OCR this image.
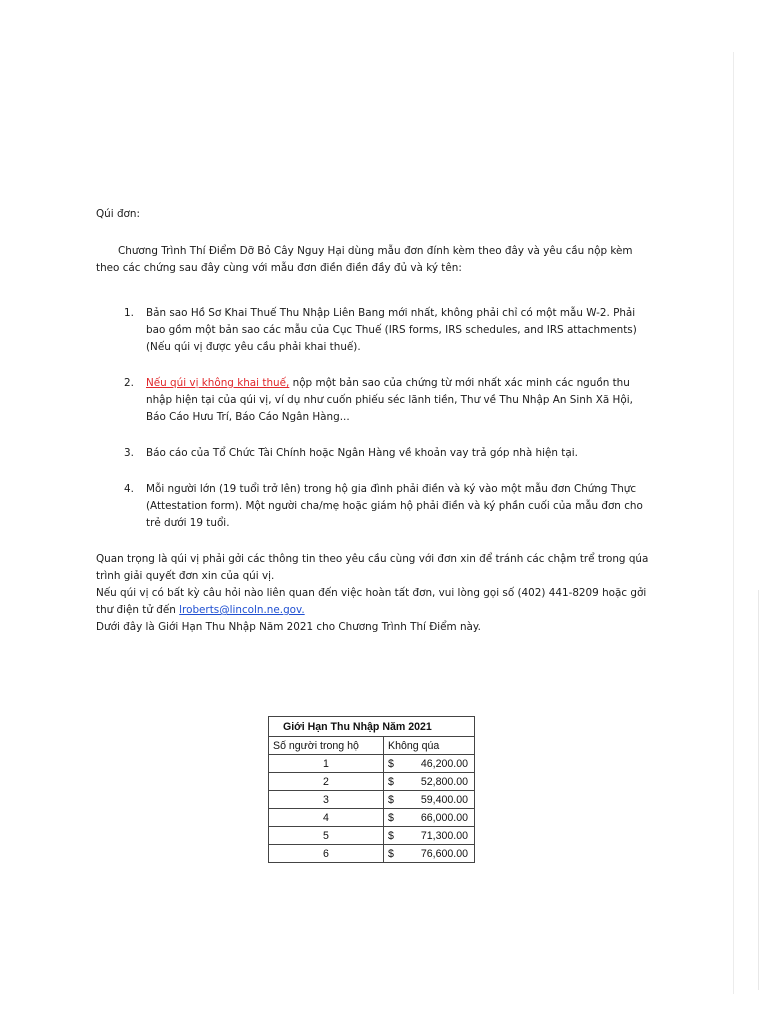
Qúi đơn:

Chương Trình Thí Điểm Dỡ Bỏ Cây Nguy Hại dùng mẫu đơn đính kèm theo đây và yêu cầu nộp kèm theo các chứng sau đây cùng với mẫu đơn điền điền đầy đủ và ký tên:

1. Bản sao Hồ Sơ Khai Thuế Thu Nhập Liên Bang mới nhất, không phải chỉ có một mẫu W-2. Phải bao gồm một bản sao các mẫu của Cục Thuế (IRS forms, IRS schedules, and IRS attachments) (Nếu qúi vị được yêu cầu phải khai thuế).
2. Nếu qúi vị không khai thuế, nộp một bản sao của chứng từ mới nhất xác minh các nguồn thu nhập hiện tại của qúi vị, ví dụ như cuốn phiếu séc lãnh tiền, Thư về Thu Nhập An Sinh Xã Hội, Báo Cáo Hưu Trí, Báo Cáo Ngân Hàng...
3. Báo cáo của Tổ Chức Tài Chính hoặc Ngân Hàng về khoản vay trả góp nhà hiện tại.
4. Mỗi người lớn (19 tuổi trở lên) trong hộ gia đình phải điền và ký vào một mẫu đơn Chứng Thực (Attestation form). Một người cha/mẹ hoặc giám hộ phải điền và ký phần cuối của mẫu đơn cho trẻ dưới 19 tuổi.

Quan trọng là qúi vị phải gởi các thông tin theo yêu cầu cùng với đơn xin để tránh các chậm trể trong qúa trình giải quyết đơn xin của qúi vị.

Nếu qúi vị có bất kỳ câu hỏi nào liên quan đến việc hoàn tất đơn, vui lòng gọi số (402) 441-8209 hoặc gởi thư điện tử đến lroberts@lincoln.ne.gov.

Dưới đây là Giới Hạn Thu Nhập Năm 2021 cho Chương Trình Thí Điểm này.

Giới Hạn Thu Nhập Năm 2021	
Số người trong hộ	Không qúa
1	$ 46,200.00

2	$ 52,800.00

3	$ 59,400.00

4	$ 66,000.00

5	$ 71,300.00

6	$ 76,600.00
